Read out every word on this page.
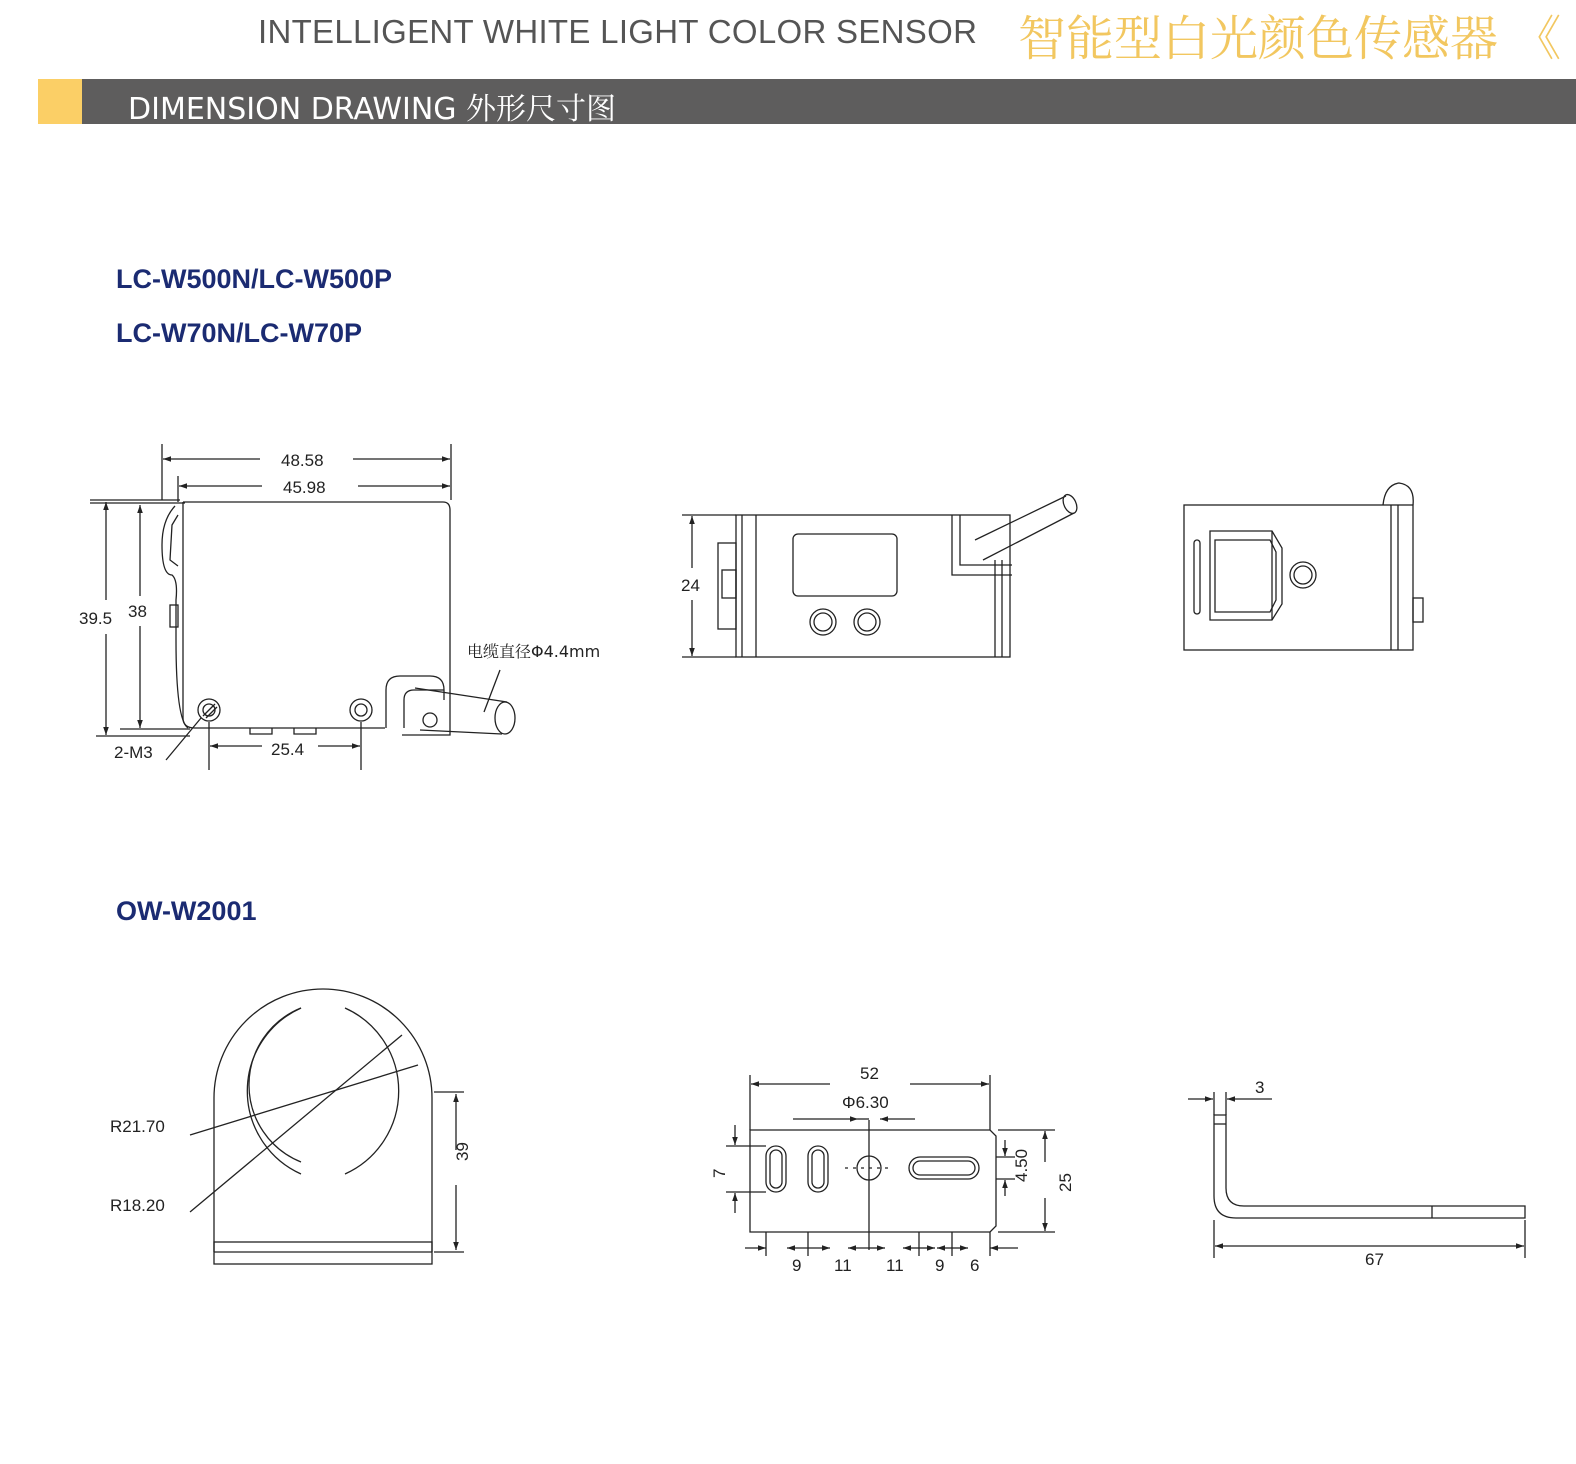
INTELLIGENT WHITE LIGHT COLOR SENSOR 智能型白光颜色传感器 《
DIMENSION DRAWING 外形尺寸图
LC-W500N/LC-W500P
LC-W70N/LC-W70P
OW-W2001
48.58
45.98
39.5 38
2-M3	25.4
电缆直径Φ4.4mm
24
R21.70
R18.20
39
52
Φ6.30
7	4.50
25
9 11 11 9 6
3
67
